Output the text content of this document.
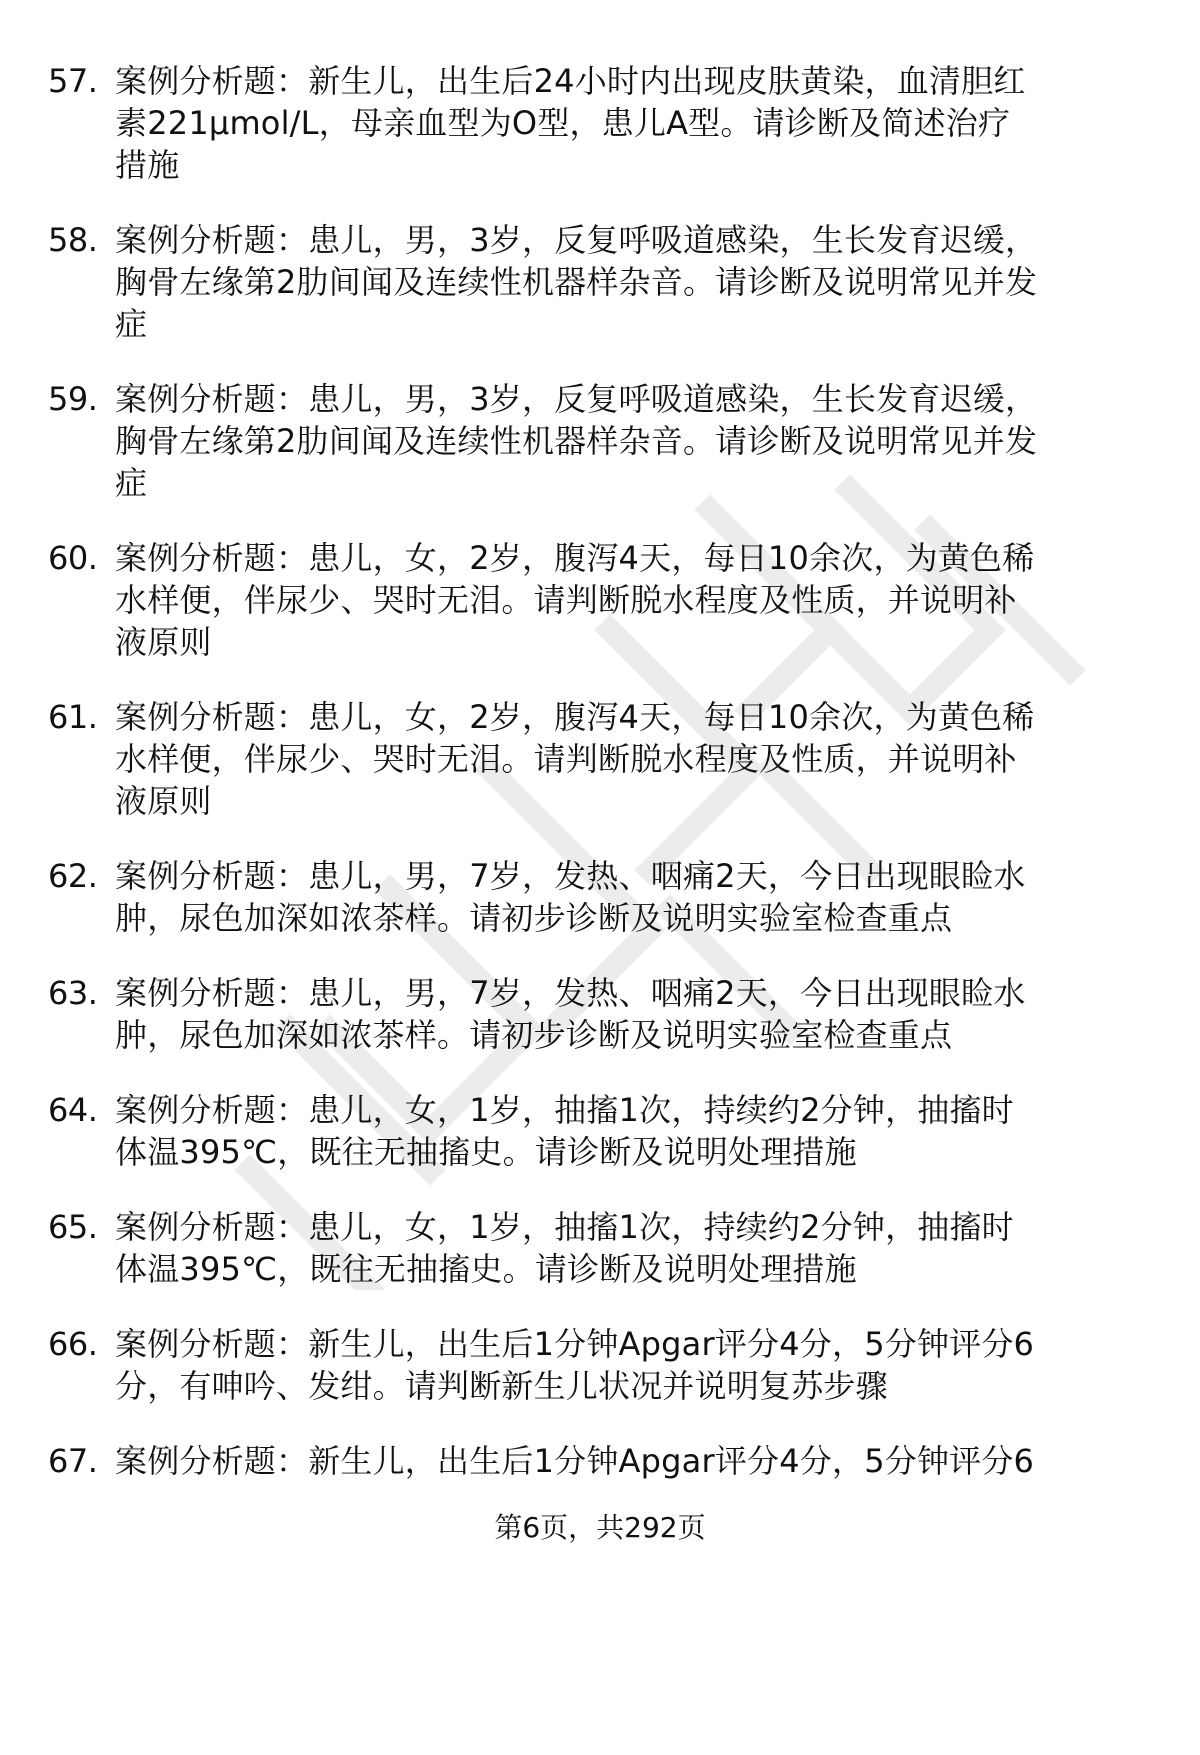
57. 案例分析题：新生儿，出生后24小时内出现皮肤黄染，血清胆红
素221μmol/L，母亲血型为O型，患儿A型。请诊断及简述治疗
措施
58. 案例分析题：患儿，男，3岁，反复呼吸道感染，生长发育迟缓，
胸骨左缘第2肋间闻及连续性机器样杂音。请诊断及说明常见并发
症
59. 案例分析题：患儿，男，3岁，反复呼吸道感染，生长发育迟缓，
胸骨左缘第2肋间闻及连续性机器样杂音。请诊断及说明常见并发
症
60. 案例分析题：患儿，女，2岁，腹泻4天，每日10余次，为黄色稀
水样便，伴尿少、哭时无泪。请判断脱水程度及性质，并说明补
液原则
61. 案例分析题：患儿，女，2岁，腹泻4天，每日10余次，为黄色稀
水样便，伴尿少、哭时无泪。请判断脱水程度及性质，并说明补
液原则
62. 案例分析题：患儿，男，7岁，发热、咽痛2天，今日出现眼睑水
肿，尿色加深如浓茶样。请初步诊断及说明实验室检查重点
63. 案例分析题：患儿，男，7岁，发热、咽痛2天，今日出现眼睑水
肿，尿色加深如浓茶样。请初步诊断及说明实验室检查重点
64. 案例分析题：患儿，女，1岁，抽搐1次，持续约2分钟，抽搐时
体温395℃，既往无抽搐史。请诊断及说明处理措施
65. 案例分析题：患儿，女，1岁，抽搐1次，持续约2分钟，抽搐时
体温395℃，既往无抽搐史。请诊断及说明处理措施
66. 案例分析题：新生儿，出生后1分钟Apgar评分4分，5分钟评分6
分，有呻吟、发绀。请判断新生儿状况并说明复苏步骤
67. 案例分析题：新生儿，出生后1分钟Apgar评分4分，5分钟评分6
第6页，共292页
